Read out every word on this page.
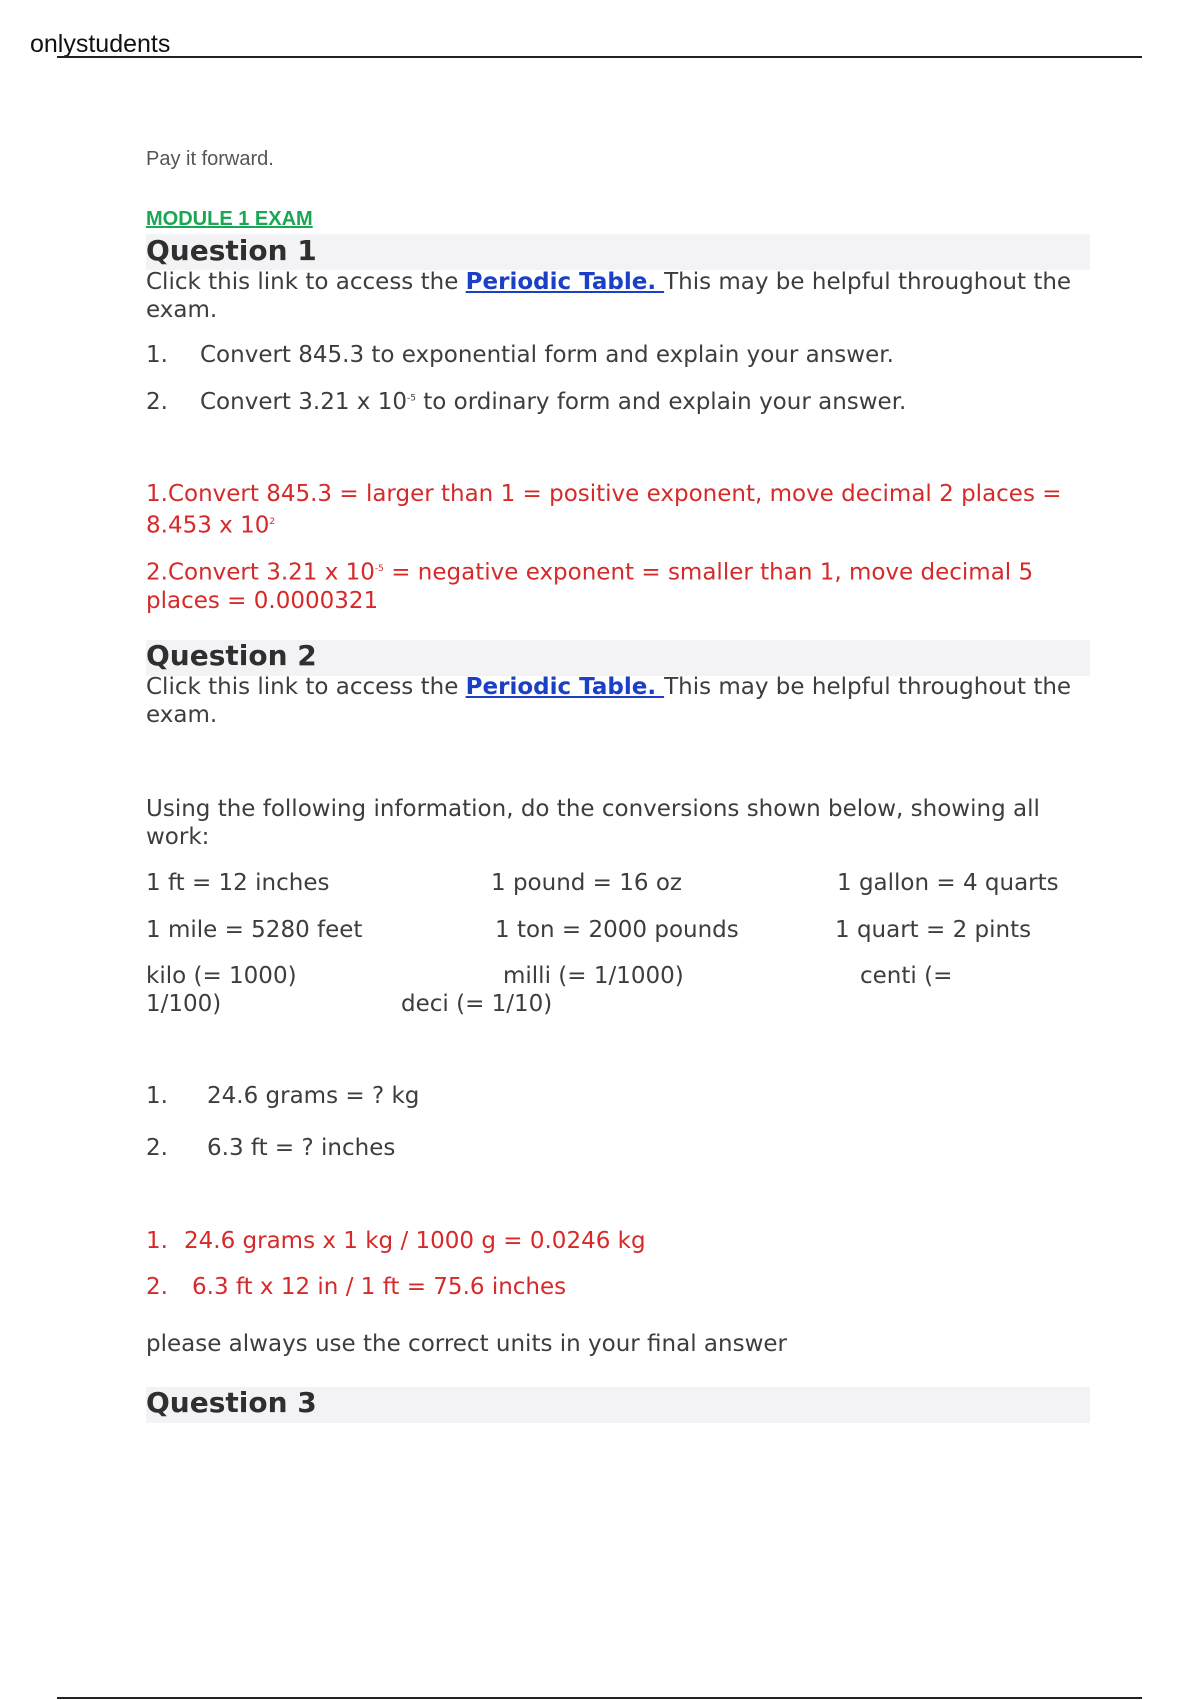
onlystudents
Pay it forward.
MODULE 1 EXAM
Question 1
Click this link to access the Periodic Table. This may be helpful throughout the exam.
1. Convert 845.3 to exponential form and explain your answer.
2. Convert 3.21 x $10^{-5}$ to ordinary form and explain your answer.
1.Convert 845.3 = larger than 1 = positive exponent, move decimal 2 places = 8.453 x $10^2$
2.Convert 3.21 x $10^{-5}$ = negative exponent = smaller than 1, move decimal 5 places = 0.0000321
Question 2
Click this link to access the Periodic Table. This may be helpful throughout the exam.
Using the following information, do the conversions shown below, showing all work:
1 ft = 12 inches	1 pound = 16 oz	1 gallon = 4 quarts
1 mile = 5280 feet	1 ton = 2000 pounds	1 quart = 2 pints
kilo (= 1000)	milli (= 1/1000)	centi (=
1/100)	deci (= 1/10)
1. 24.6 grams = ? kg
2. 6.3 ft = ? inches
1. 24.6 grams x 1 kg / 1000 g = 0.0246 kg
2. 6.3 ft x 12 in / 1 ft = 75.6 inches
please always use the correct units in your final answer
Question 3
